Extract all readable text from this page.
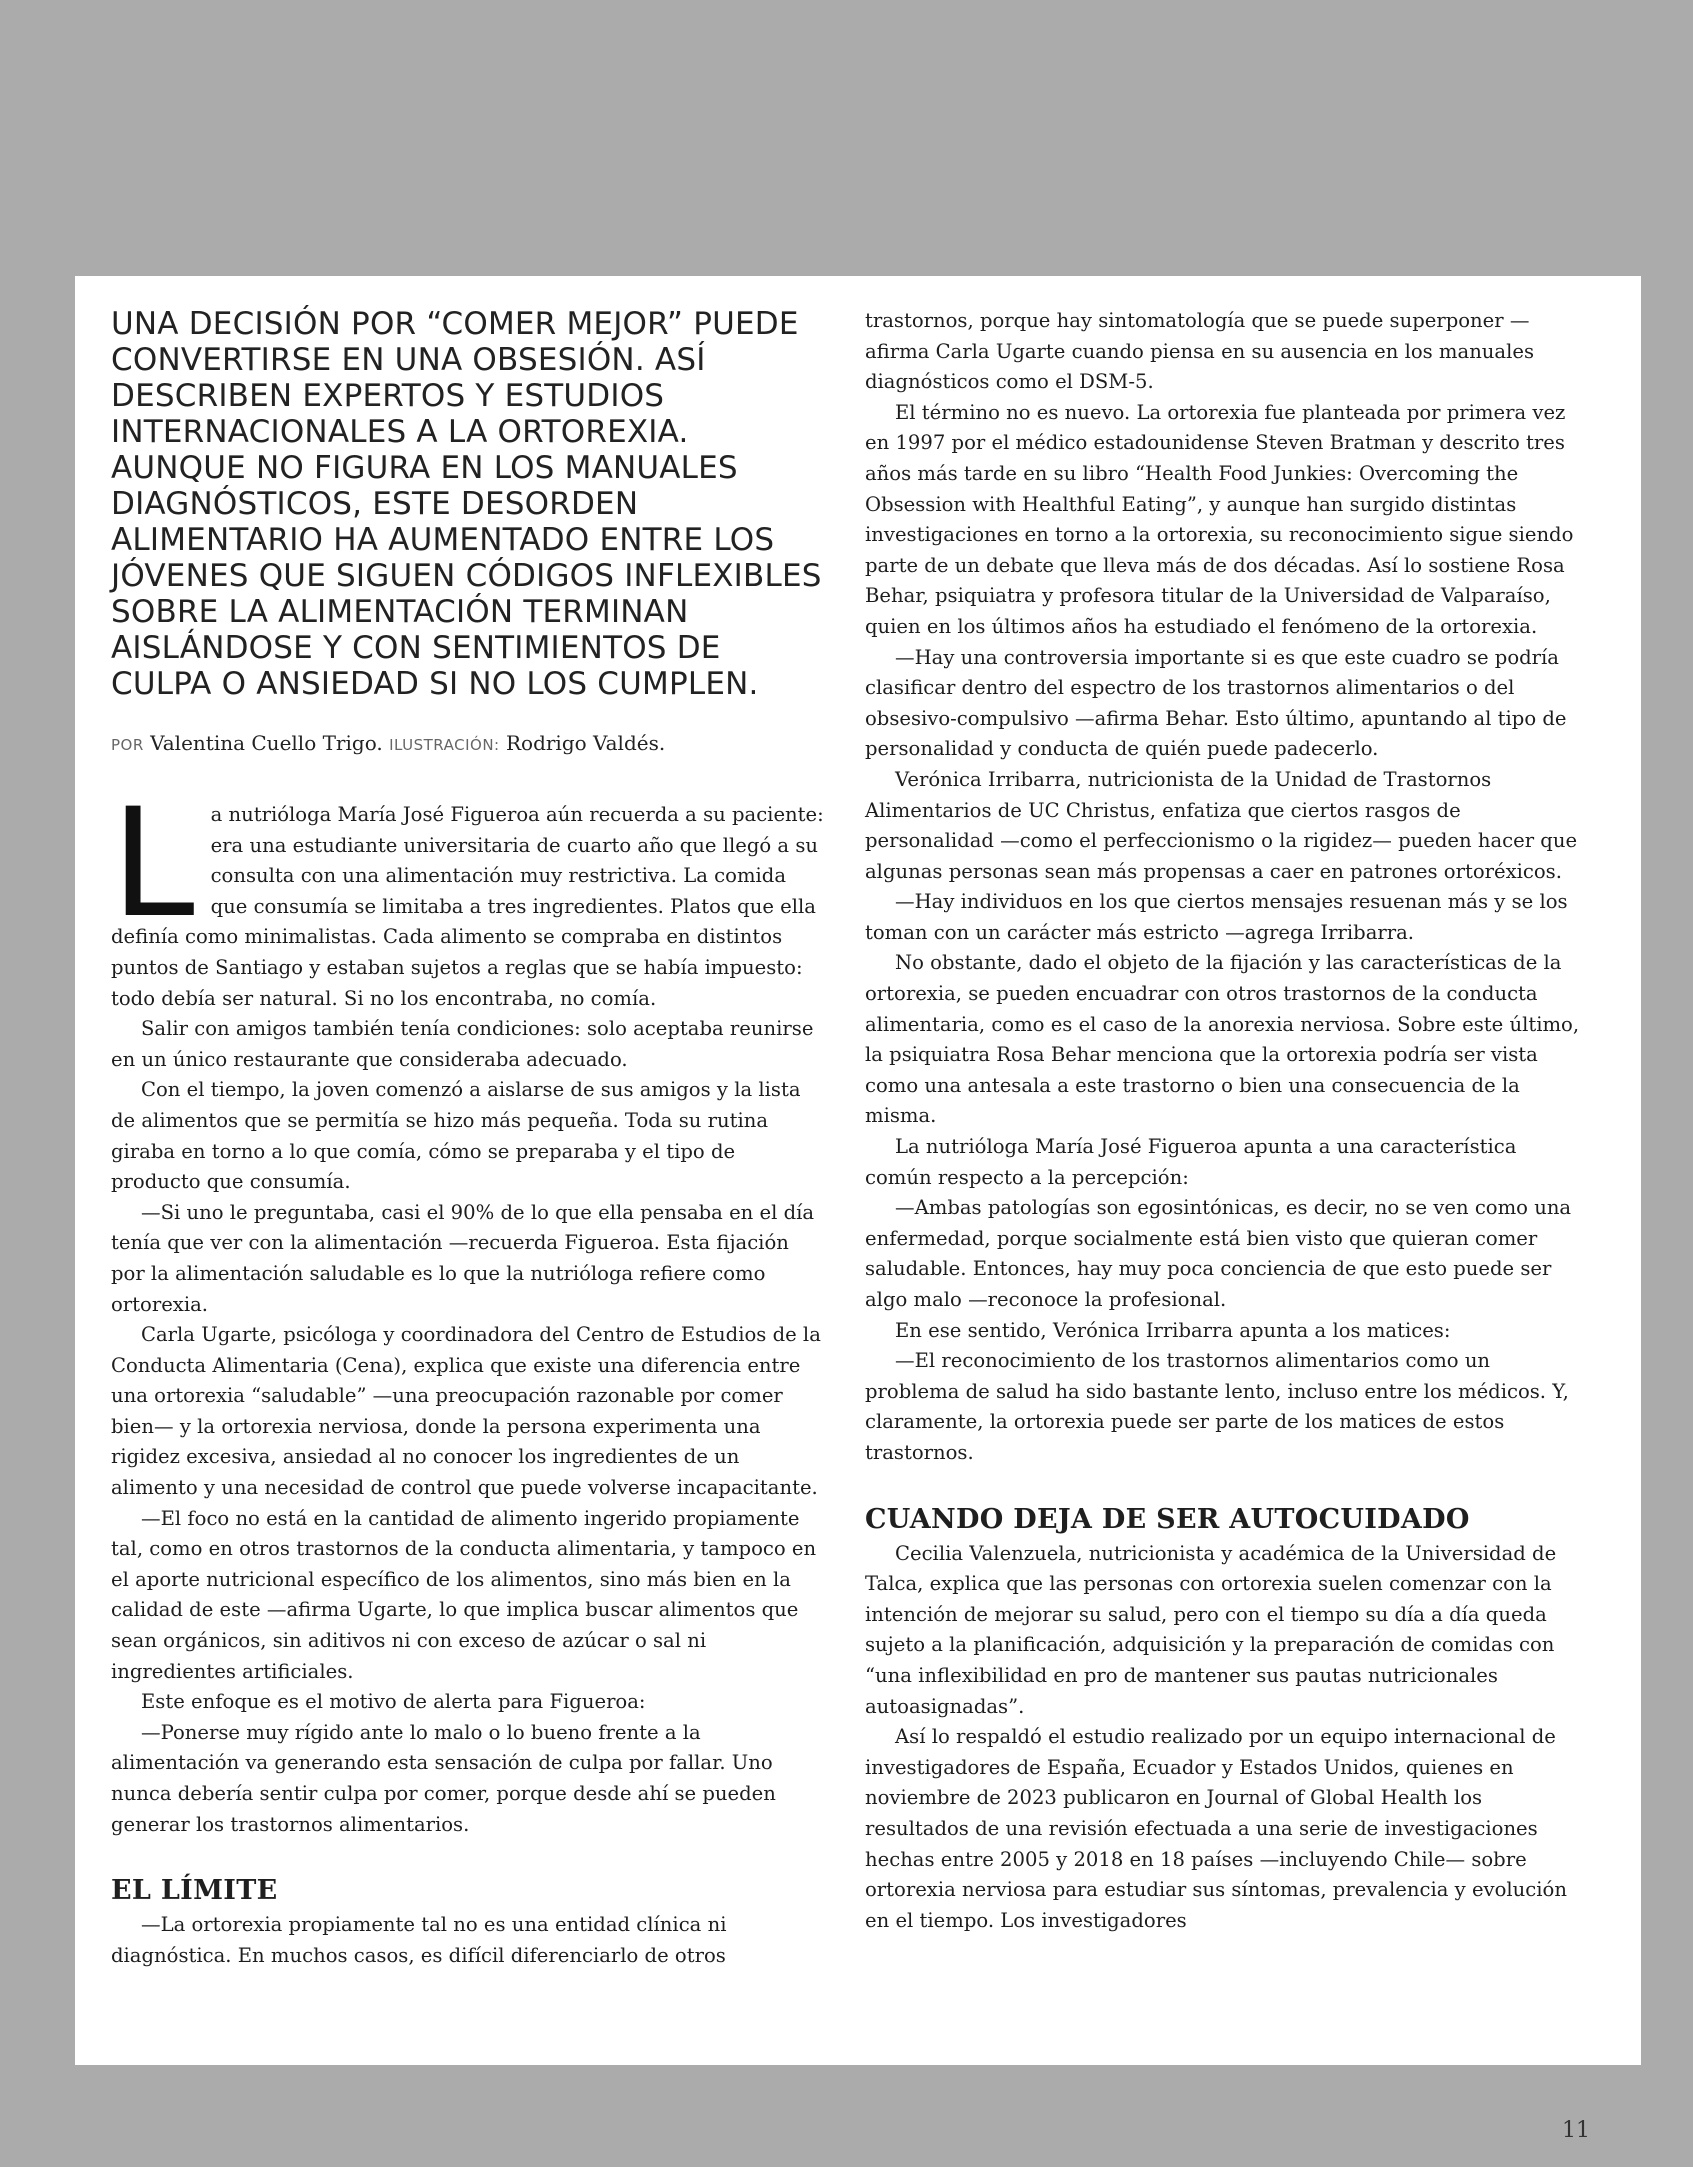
UNA DECISIÓN POR “COMER MEJOR” PUEDE CONVERTIRSE EN UNA OBSESIÓN. ASÍ DESCRIBEN EXPERTOS Y ESTUDIOS INTERNACIONALES A LA ORTOREXIA. AUNQUE NO FIGURA EN LOS MANUALES DIAGNÓSTICOS, ESTE DESORDEN ALIMENTARIO HA AUMENTADO ENTRE LOS JÓVENES QUE SIGUEN CÓDIGOS INFLEXIBLES SOBRE LA ALIMENTACIÓN TERMINAN AISLÁNDOSE Y CON SENTIMIENTOS DE CULPA O ANSIEDAD SI NO LOS CUMPLEN.

POR Valentina Cuello Trigo. ILUSTRACIÓN: Rodrigo Valdés.

La nutrióloga María José Figueroa aún recuerda a su paciente: era una estudiante universitaria de cuarto año que llegó a su consulta con una alimentación muy restrictiva. La comida que consumía se limitaba a tres ingredientes. Platos que ella definía como minimalistas. Cada alimento se compraba en distintos puntos de Santiago y estaban sujetos a reglas que se había impuesto: todo debía ser natural. Si no los encontraba, no comía.

Salir con amigos también tenía condiciones: solo aceptaba reunirse en un único restaurante que consideraba adecuado.

Con el tiempo, la joven comenzó a aislarse de sus amigos y la lista de alimentos que se permitía se hizo más pequeña. Toda su rutina giraba en torno a lo que comía, cómo se preparaba y el tipo de producto que consumía.

—Si uno le preguntaba, casi el 90% de lo que ella pensaba en el día tenía que ver con la alimentación —recuerda Figueroa. Esta fijación por la alimentación saludable es lo que la nutrióloga refiere como ortorexia.

Carla Ugarte, psicóloga y coordinadora del Centro de Estudios de la Conducta Alimentaria (Cena), explica que existe una diferencia entre una ortorexia “saludable” —una preocupación razonable por comer bien— y la ortorexia nerviosa, donde la persona experimenta una rigidez excesiva, ansiedad al no conocer los ingredientes de un alimento y una necesidad de control que puede volverse incapacitante.

—El foco no está en la cantidad de alimento ingerido propiamente tal, como en otros trastornos de la conducta alimentaria, y tampoco en el aporte nutricional específico de los alimentos, sino más bien en la calidad de este —afirma Ugarte, lo que implica buscar alimentos que sean orgánicos, sin aditivos ni con exceso de azúcar o sal ni ingredientes artificiales.

Este enfoque es el motivo de alerta para Figueroa:

—Ponerse muy rígido ante lo malo o lo bueno frente a la alimentación va generando esta sensación de culpa por fallar. Uno nunca debería sentir culpa por comer, porque desde ahí se pueden generar los trastornos alimentarios.

EL LÍMITE

—La ortorexia propiamente tal no es una entidad clínica ni diagnóstica. En muchos casos, es difícil diferenciarlo de otros

trastornos, porque hay sintomatología que se puede superponer —afirma Carla Ugarte cuando piensa en su ausencia en los manuales diagnósticos como el DSM-5.

El término no es nuevo. La ortorexia fue planteada por primera vez en 1997 por el médico estadounidense Steven Bratman y descrito tres años más tarde en su libro “Health Food Junkies: Overcoming the Obsession with Healthful Eating”, y aunque han surgido distintas investigaciones en torno a la ortorexia, su reconocimiento sigue siendo parte de un debate que lleva más de dos décadas. Así lo sostiene Rosa Behar, psiquiatra y profesora titular de la Universidad de Valparaíso, quien en los últimos años ha estudiado el fenómeno de la ortorexia.

—Hay una controversia importante si es que este cuadro se podría clasificar dentro del espectro de los trastornos alimentarios o del obsesivo-compulsivo —afirma Behar. Esto último, apuntando al tipo de personalidad y conducta de quién puede padecerlo.

Verónica Irribarra, nutricionista de la Unidad de Trastornos Alimentarios de UC Christus, enfatiza que ciertos rasgos de personalidad —como el perfeccionismo o la rigidez— pueden hacer que algunas personas sean más propensas a caer en patrones ortoréxicos.

—Hay individuos en los que ciertos mensajes resuenan más y se los toman con un carácter más estricto —agrega Irribarra.

No obstante, dado el objeto de la fijación y las características de la ortorexia, se pueden encuadrar con otros trastornos de la conducta alimentaria, como es el caso de la anorexia nerviosa. Sobre este último, la psiquiatra Rosa Behar menciona que la ortorexia podría ser vista como una antesala a este trastorno o bien una consecuencia de la misma.

La nutrióloga María José Figueroa apunta a una característica común respecto a la percepción:

—Ambas patologías son egosintónicas, es decir, no se ven como una enfermedad, porque socialmente está bien visto que quieran comer saludable. Entonces, hay muy poca conciencia de que esto puede ser algo malo —reconoce la profesional.

En ese sentido, Verónica Irribarra apunta a los matices:

—El reconocimiento de los trastornos alimentarios como un problema de salud ha sido bastante lento, incluso entre los médicos. Y, claramente, la ortorexia puede ser parte de los matices de estos trastornos.

CUANDO DEJA DE SER AUTOCUIDADO

Cecilia Valenzuela, nutricionista y académica de la Universidad de Talca, explica que las personas con ortorexia suelen comenzar con la intención de mejorar su salud, pero con el tiempo su día a día queda sujeto a la planificación, adquisición y la preparación de comidas con “una inflexibilidad en pro de mantener sus pautas nutricionales autoasignadas”.

Así lo respaldó el estudio realizado por un equipo internacional de investigadores de España, Ecuador y Estados Unidos, quienes en noviembre de 2023 publicaron en Journal of Global Health los resultados de una revisión efectuada a una serie de investigaciones hechas entre 2005 y 2018 en 18 países —incluyendo Chile— sobre ortorexia nerviosa para estudiar sus síntomas, prevalencia y evolución en el tiempo. Los investigadores

11
